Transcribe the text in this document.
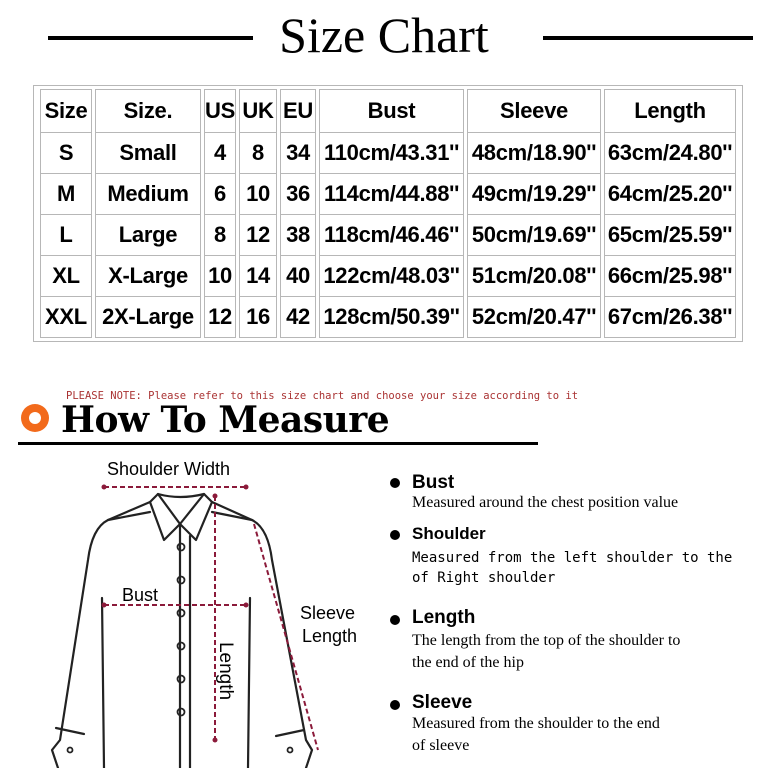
Size Chart
Size	Size.	US	UK	EU	Bust	Sleeve	Length
S	Small	4	8	34	110cm/43.31''	48cm/18.90''	63cm/24.80''
M	Medium	6	10	36	114cm/44.88''	49cm/19.29''	64cm/25.20''
L	Large	8	12	38	118cm/46.46''	50cm/19.69''	65cm/25.59''
XL	X-Large	10	14	40	122cm/48.03''	51cm/20.08''	66cm/25.98''
XXL	2X-Large	12	16	42	128cm/50.39''	52cm/20.47''	67cm/26.38''
PLEASE NOTE: Please refer to this size chart and choose your size according to it
How To Measure
Shoulder Width
Bust
Sleeve
Length
Length
Bust
Measured around the chest position value
Shoulder
Measured from the left shoulder to the
of Right shoulder
Length
The length from the top of the shoulder to
the end of the hip
Sleeve
Measured from the shoulder to the end
of sleeve
